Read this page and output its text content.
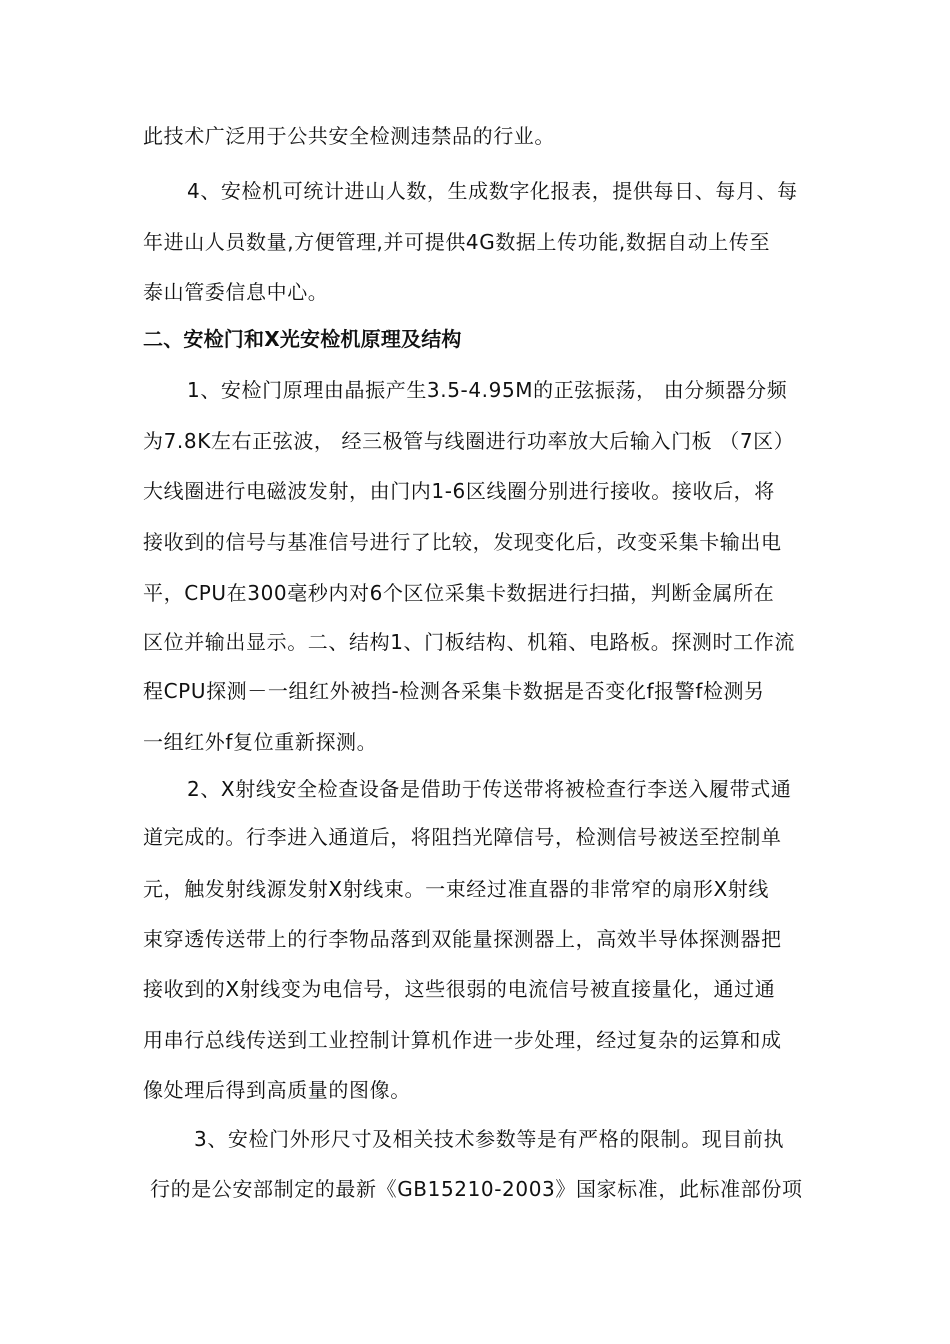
此技术广泛用于公共安全检测违禁品的行业。
4、安检机可统计进山人数，生成数字化报表，提供每日、每月、每
年进山人员数量,方便管理,并可提供4G数据上传功能,数据自动上传至
泰山管委信息中心。
二、安检门和X光安检机原理及结构
1、安检门原理由晶振产生3.5-4.95M的正弦振荡， 由分频器分频
为7.8K左右正弦波， 经三极管与线圈进行功率放大后输入门板 （7区）
大线圈进行电磁波发射，由门内1-6区线圈分别进行接收。接收后，将
接收到的信号与基准信号进行了比较，发现变化后，改变采集卡输出电
平，CPU在300毫秒内对6个区位采集卡数据进行扫描，判断金属所在
区位并输出显示。二、结构1、门板结构、机箱、电路板。探测时工作流
程CPU探测－一组红外被挡-检测各采集卡数据是否变化f报警f检测另
一组红外f复位重新探测。
2、X射线安全检查设备是借助于传送带将被检查行李送入履带式通
道完成的。行李进入通道后，将阻挡光障信号，检测信号被送至控制单
元，触发射线源发射X射线束。一束经过准直器的非常窄的扇形X射线
束穿透传送带上的行李物品落到双能量探测器上，高效半导体探测器把
接收到的X射线变为电信号，这些很弱的电流信号被直接量化，通过通
用串行总线传送到工业控制计算机作进一步处理，经过复杂的运算和成
像处理后得到高质量的图像。
3、安检门外形尺寸及相关技术参数等是有严格的限制。现目前执
行的是公安部制定的最新《GB15210-2003》国家标准，此标准部份项
